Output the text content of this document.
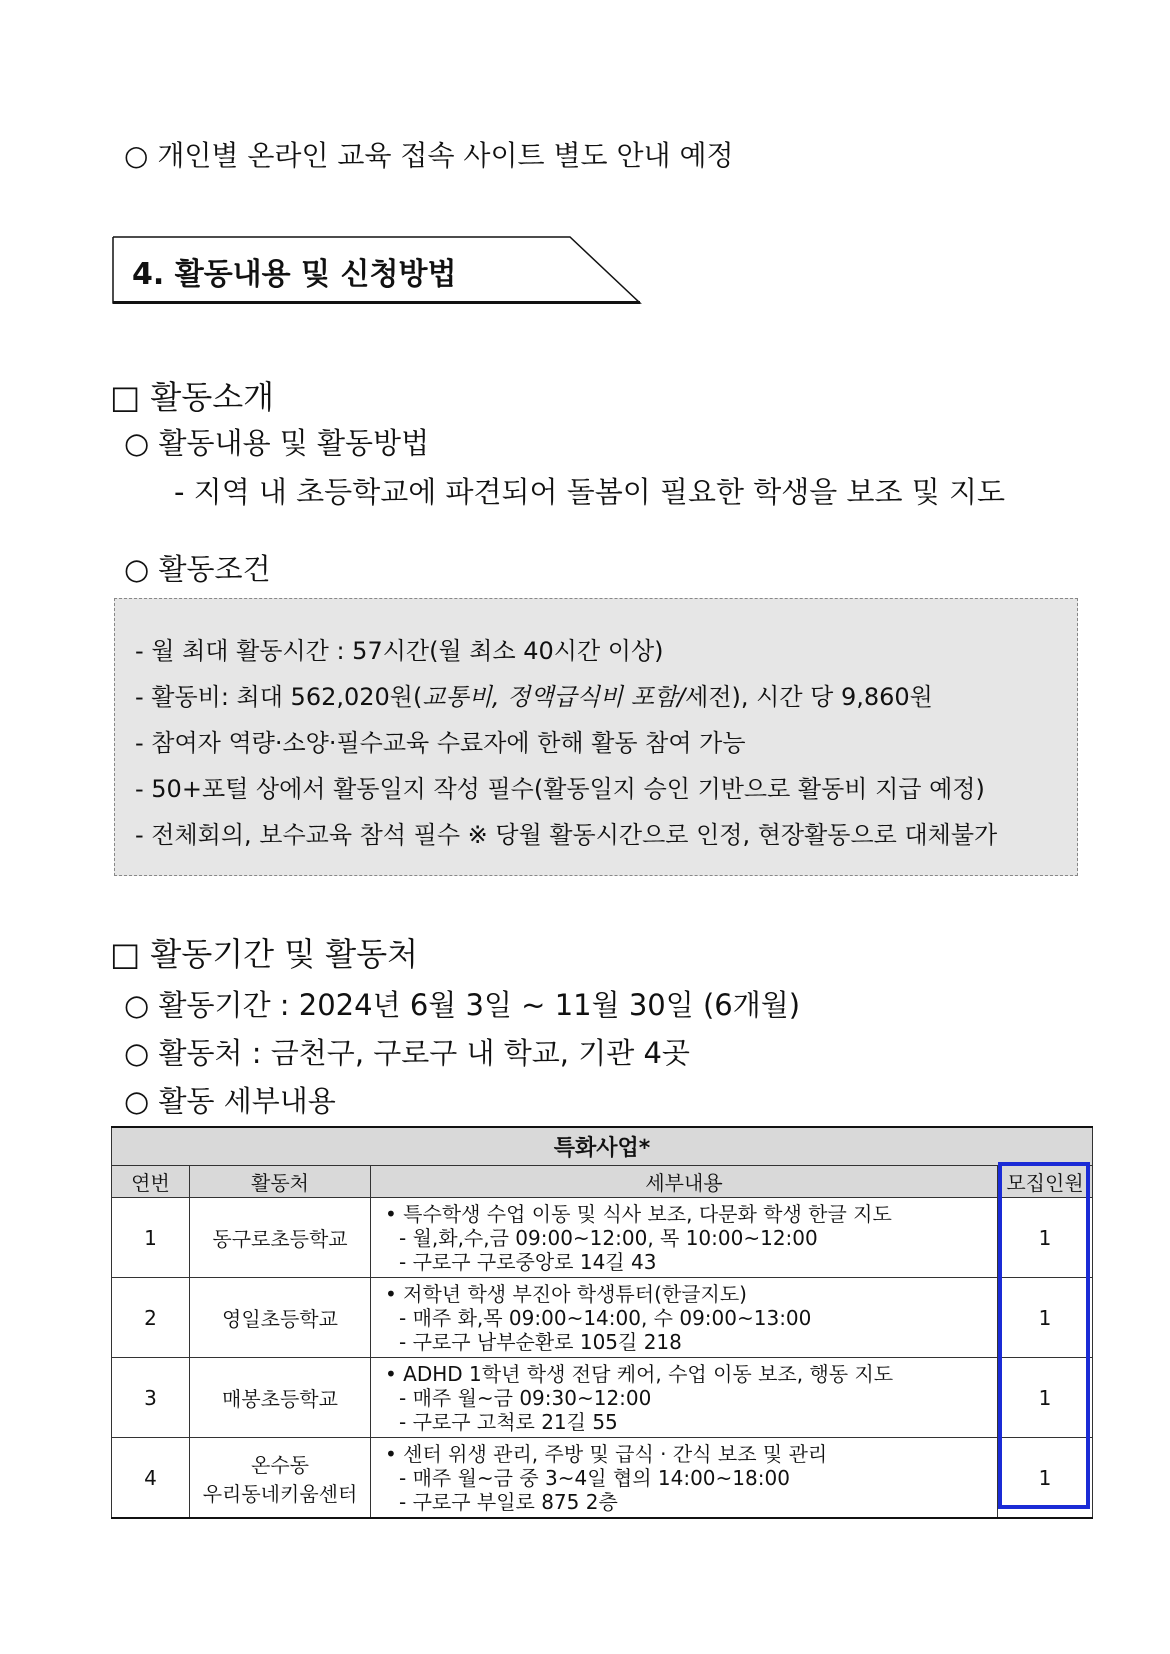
○ 개인별 온라인 교육 접속 사이트 별도 안내 예정
4. 활동내용 및 신청방법
□ 활동소개
○ 활동내용 및 활동방법
- 지역 내 초등학교에 파견되어 돌봄이 필요한 학생을 보조 및 지도
○ 활동조건
- 월 최대 활동시간 : 57시간(월 최소 40시간 이상)
- 활동비: 최대 562,020원(교통비, 정액급식비 포함/세전), 시간 당 9,860원
- 참여자 역량·소양·필수교육 수료자에 한해 활동 참여 가능
- 50+포털 상에서 활동일지 작성 필수(활동일지 승인 기반으로 활동비 지급 예정)
- 전체회의, 보수교육 참석 필수 ※ 당월 활동시간으로 인정, 현장활동으로 대체불가
□ 활동기간 및 활동처
○ 활동기간 : 2024년 6월 3일 ~ 11월 30일 (6개월)
○ 활동처 : 금천구, 구로구 내 학교, 기관 4곳
○ 활동 세부내용
특화사업*			
연번	활동처	세부내용	모집인원
1	동구로초등학교	• 특수학생 수업 이동 및 식사 보조, 다문화 학생 한글 지도
- 월,화,수,금 09:00~12:00, 목 10:00~12:00
- 구로구 구로중앙로 14길 43	1
2	영일초등학교	• 저학년 학생 부진아 학생튜터(한글지도)
- 매주 화,목 09:00~14:00, 수 09:00~13:00
- 구로구 남부순환로 105길 218	1
3	매봉초등학교	• ADHD 1학년 학생 전담 케어, 수업 이동 보조, 행동 지도
- 매주 월~금 09:30~12:00
- 구로구 고척로 21길 55	1
4	온수동
우리동네키움센터	• 센터 위생 관리, 주방 및 급식 · 간식 보조 및 관리
- 매주 월~금 중 3~4일 협의 14:00~18:00
- 구로구 부일로 875 2층	1
